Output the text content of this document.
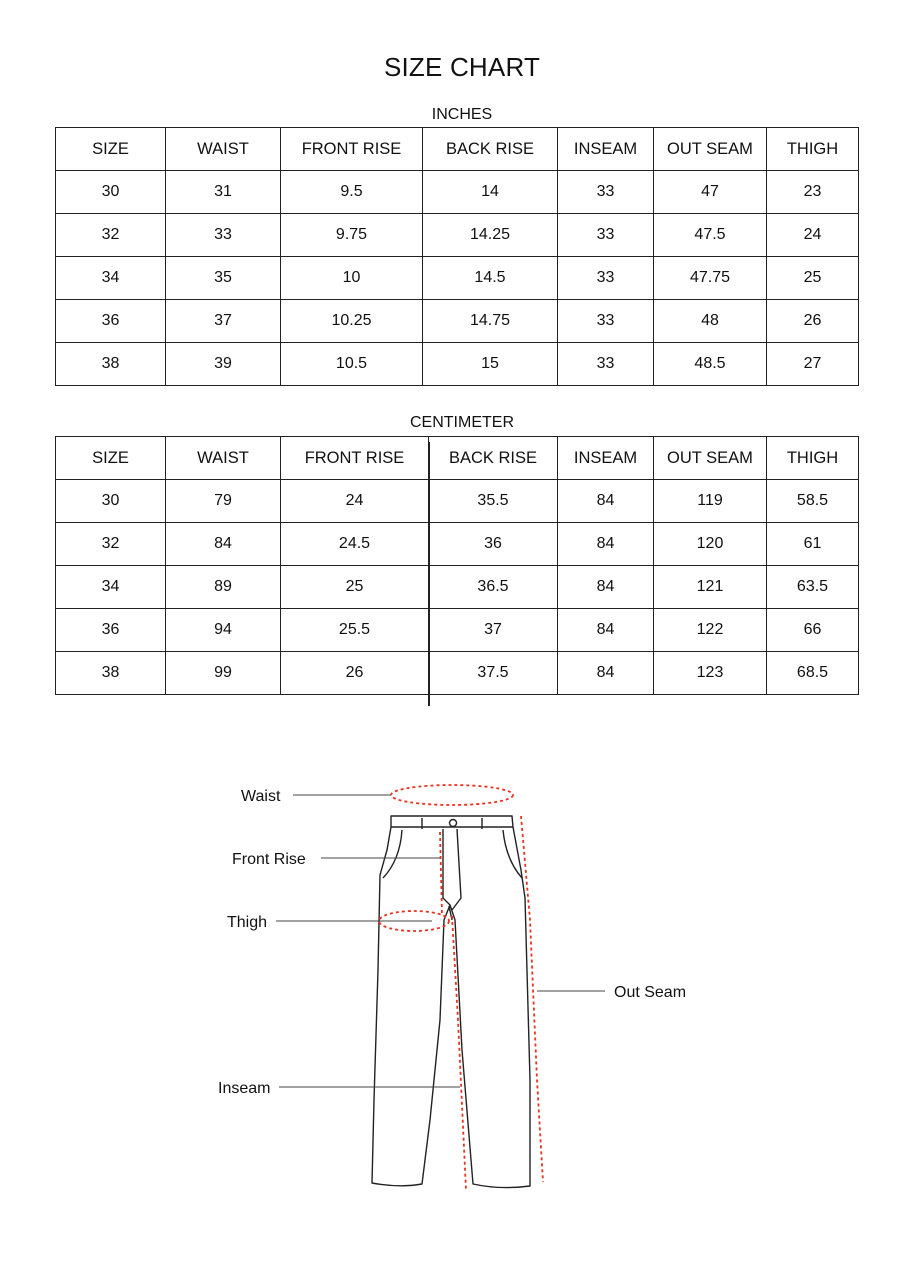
SIZE CHART
INCHES
SIZE	WAIST	FRONT RISE	BACK RISE	INSEAM	OUT SEAM	THIGH
30	31	9.5	14	33	47	23
32	33	9.75	14.25	33	47.5	24
34	35	10	14.5	33	47.75	25
36	37	10.25	14.75	33	48	26
38	39	10.5	15	33	48.5	27
CENTIMETER
SIZE	WAIST	FRONT RISE	BACK RISE	INSEAM	OUT SEAM	THIGH
30	79	24	35.5	84	119	58.5
32	84	24.5	36	84	120	61
34	89	25	36.5	84	121	63.5
36	94	25.5	37	84	122	66
38	99	26	37.5	84	123	68.5
Waist
Front Rise
Thigh
Inseam
Out Seam
